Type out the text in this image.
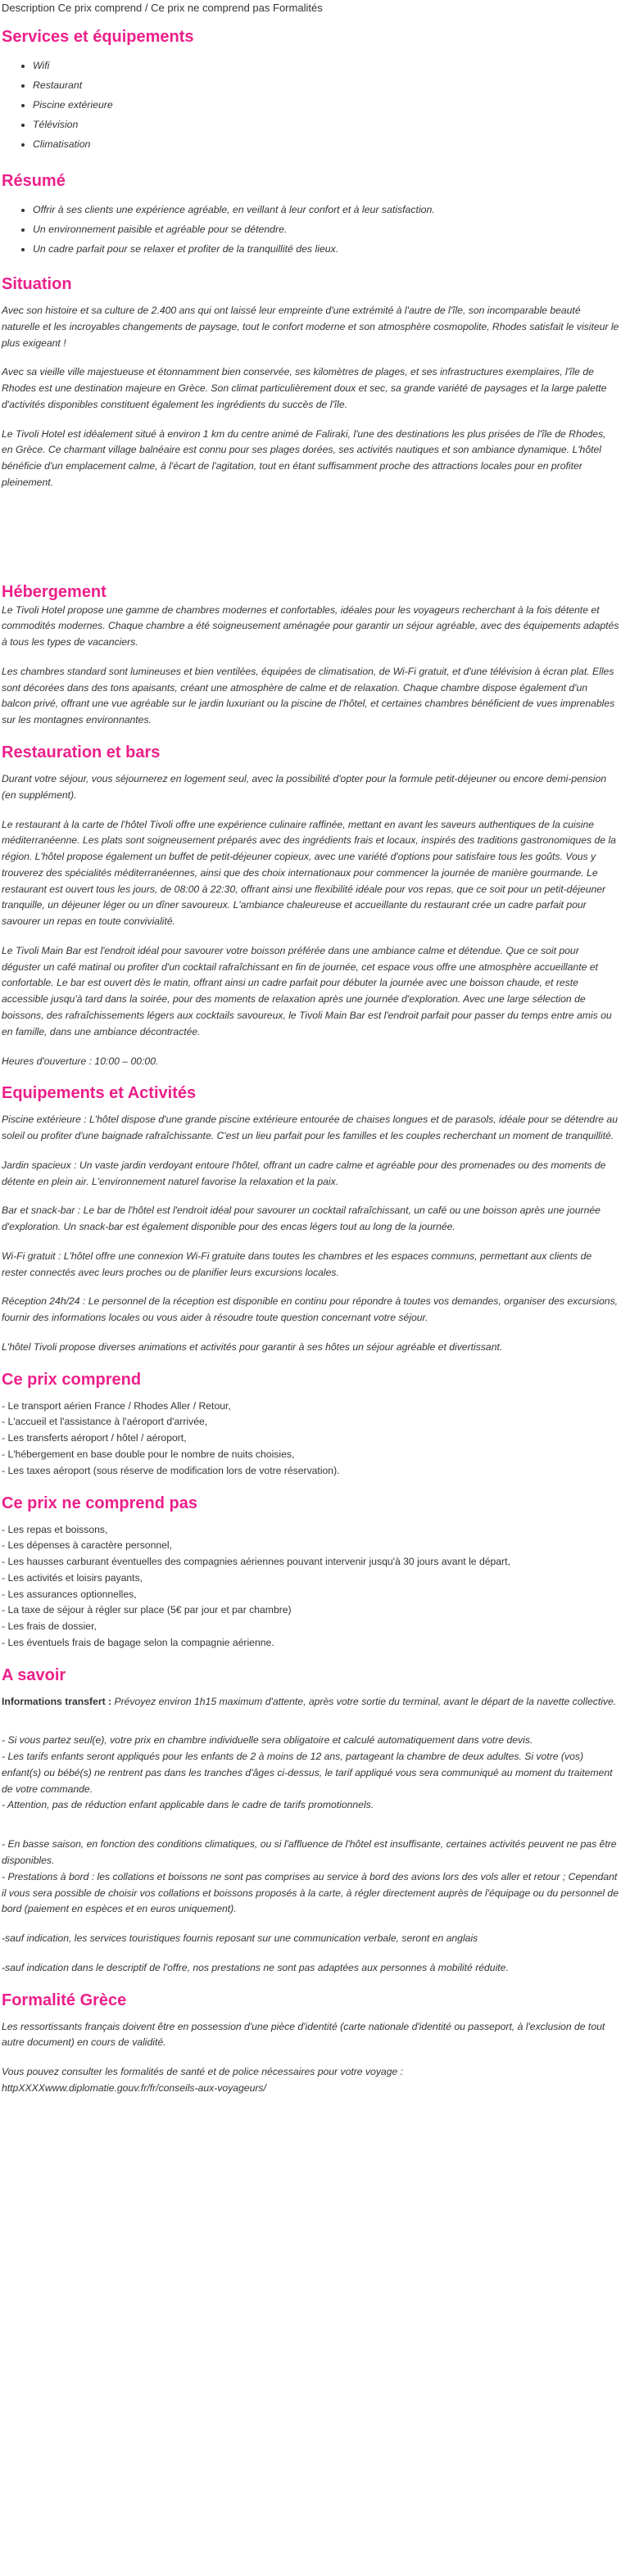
Description Ce prix comprend / Ce prix ne comprend pas Formalités
Services et équipements
• Wifi
• Restaurant
• Piscine extérieure
• Télévision
• Climatisation
Résumé
• Offrir à ses clients une expérience agréable, en veillant à leur confort et à leur satisfaction.
• Un environnement paisible et agréable pour se détendre.
• Un cadre parfait pour se relaxer et profiter de la tranquillité des lieux.
Situation

Avec son histoire et sa culture de 2.400 ans qui ont laissé leur empreinte d'une extrémité à l'autre de l'île, son incomparable beauté naturelle et les incroyables changements de paysage, tout le confort moderne et son atmosphère cosmopolite, Rhodes satisfait le visiteur le plus exigeant !

Avec sa vieille ville majestueuse et étonnamment bien conservée, ses kilomètres de plages, et ses infrastructures exemplaires, l'île de Rhodes est une destination majeure en Grèce. Son climat particulièrement doux et sec, sa grande variété de paysages et la large palette d'activités disponibles constituent également les ingrédients du succès de l'île.

Le Tivoli Hotel est idéalement situé à environ 1 km du centre animé de Faliraki, l'une des destinations les plus prisées de l'île de Rhodes, en Grèce. Ce charmant village balnéaire est connu pour ses plages dorées, ses activités nautiques et son ambiance dynamique. L'hôtel bénéficie d'un emplacement calme, à l'écart de l'agitation, tout en étant suffisamment proche des attractions locales pour en profiter pleinement.

Hébergement

Le Tivoli Hotel propose une gamme de chambres modernes et confortables, idéales pour les voyageurs recherchant à la fois détente et commodités modernes. Chaque chambre a été soigneusement aménagée pour garantir un séjour agréable, avec des équipements adaptés à tous les types de vacanciers.

Les chambres standard sont lumineuses et bien ventilées, équipées de climatisation, de Wi-Fi gratuit, et d'une télévision à écran plat. Elles sont décorées dans des tons apaisants, créant une atmosphère de calme et de relaxation. Chaque chambre dispose également d'un balcon privé, offrant une vue agréable sur le jardin luxuriant ou la piscine de l'hôtel, et certaines chambres bénéficient de vues imprenables sur les montagnes environnantes.

Restauration et bars

Durant votre séjour, vous séjournerez en logement seul, avec la possibilité d'opter pour la formule petit-déjeuner ou encore demi-pension (en supplément).

Le restaurant à la carte de l'hôtel Tivoli offre une expérience culinaire raffinée, mettant en avant les saveurs authentiques de la cuisine méditerranéenne. Les plats sont soigneusement préparés avec des ingrédients frais et locaux, inspirés des traditions gastronomiques de la région. L'hôtel propose également un buffet de petit-déjeuner copieux, avec une variété d'options pour satisfaire tous les goûts. Vous y trouverez des spécialités méditerranéennes, ainsi que des choix internationaux pour commencer la journée de manière gourmande. Le restaurant est ouvert tous les jours, de 08:00 à 22:30, offrant ainsi une flexibilité idéale pour vos repas, que ce soit pour un petit-déjeuner tranquille, un déjeuner léger ou un dîner savoureux. L'ambiance chaleureuse et accueillante du restaurant crée un cadre parfait pour savourer un repas en toute convivialité.

Le Tivoli Main Bar est l'endroit idéal pour savourer votre boisson préférée dans une ambiance calme et détendue. Que ce soit pour déguster un café matinal ou profiter d'un cocktail rafraîchissant en fin de journée, cet espace vous offre une atmosphère accueillante et confortable. Le bar est ouvert dès le matin, offrant ainsi un cadre parfait pour débuter la journée avec une boisson chaude, et reste accessible jusqu'à tard dans la soirée, pour des moments de relaxation après une journée d'exploration. Avec une large sélection de boissons, des rafraîchissements légers aux cocktails savoureux, le Tivoli Main Bar est l'endroit parfait pour passer du temps entre amis ou en famille, dans une ambiance décontractée.

Heures d'ouverture : 10:00 – 00:00.

Equipements et Activités

Piscine extérieure : L'hôtel dispose d'une grande piscine extérieure entourée de chaises longues et de parasols, idéale pour se détendre au soleil ou profiter d'une baignade rafraîchissante. C'est un lieu parfait pour les familles et les couples recherchant un moment de tranquillité.

Jardin spacieux : Un vaste jardin verdoyant entoure l'hôtel, offrant un cadre calme et agréable pour des promenades ou des moments de détente en plein air. L'environnement naturel favorise la relaxation et la paix.

Bar et snack-bar : Le bar de l'hôtel est l'endroit idéal pour savourer un cocktail rafraîchissant, un café ou une boisson après une journée d'exploration. Un snack-bar est également disponible pour des encas légers tout au long de la journée.

Wi-Fi gratuit : L'hôtel offre une connexion Wi-Fi gratuite dans toutes les chambres et les espaces communs, permettant aux clients de rester connectés avec leurs proches ou de planifier leurs excursions locales.

Réception 24h/24 : Le personnel de la réception est disponible en continu pour répondre à toutes vos demandes, organiser des excursions, fournir des informations locales ou vous aider à résoudre toute question concernant votre séjour.

L'hôtel Tivoli propose diverses animations et activités pour garantir à ses hôtes un séjour agréable et divertissant.

Ce prix comprend
- Le transport aérien France / Rhodes Aller / Retour,
- L'accueil et l'assistance à l'aéroport d'arrivée,
- Les transferts aéroport / hôtel / aéroport,
- L'hébergement en base double pour le nombre de nuits choisies,
- Les taxes aéroport (sous réserve de modification lors de votre réservation).
Ce prix ne comprend pas
- Les repas et boissons,
- Les dépenses à caractère personnel,
- Les hausses carburant éventuelles des compagnies aériennes pouvant intervenir jusqu'à 30 jours avant le départ,
- Les activités et loisirs payants,
- Les assurances optionnelles,
- La taxe de séjour à régler sur place (5€ par jour et par chambre)
- Les frais de dossier,
- Les éventuels frais de bagage selon la compagnie aérienne.
A savoir

Informations transfert : Prévoyez environ 1h15 maximum d'attente, après votre sortie du terminal, avant le départ de la navette collective.

- Si vous partez seul(e), votre prix en chambre individuelle sera obligatoire et calculé automatiquement dans votre devis.
- Les tarifs enfants seront appliqués pour les enfants de 2 à moins de 12 ans, partageant la chambre de deux adultes. Si votre (vos) enfant(s) ou bébé(s) ne rentrent pas dans les tranches d'âges ci-dessus, le tarif appliqué vous sera communiqué au moment du traitement de votre commande.
- Attention, pas de réduction enfant applicable dans le cadre de tarifs promotionnels.

- En basse saison, en fonction des conditions climatiques, ou si l'affluence de l'hôtel est insuffisante, certaines activités peuvent ne pas être disponibles.
- Prestations à bord : les collations et boissons ne sont pas comprises au service à bord des avions lors des vols aller et retour ; Cependant il vous sera possible de choisir vos collations et boissons proposés à la carte, à régler directement auprès de l'équipage ou du personnel de bord (paiement en espèces et en euros uniquement).

-sauf indication, les services touristiques fournis reposant sur une communication verbale, seront en anglais

-sauf indication dans le descriptif de l'offre, nos prestations ne sont pas adaptées aux personnes à mobilité réduite.

Formalité Grèce

Les ressortissants français doivent être en possession d'une pièce d'identité (carte nationale d'identité ou passeport, à l'exclusion de tout autre document) en cours de validité.

Vous pouvez consulter les formalités de santé et de police nécessaires pour votre voyage :
httpXXXXwww.diplomatie.gouv.fr/fr/conseils-aux-voyageurs/
